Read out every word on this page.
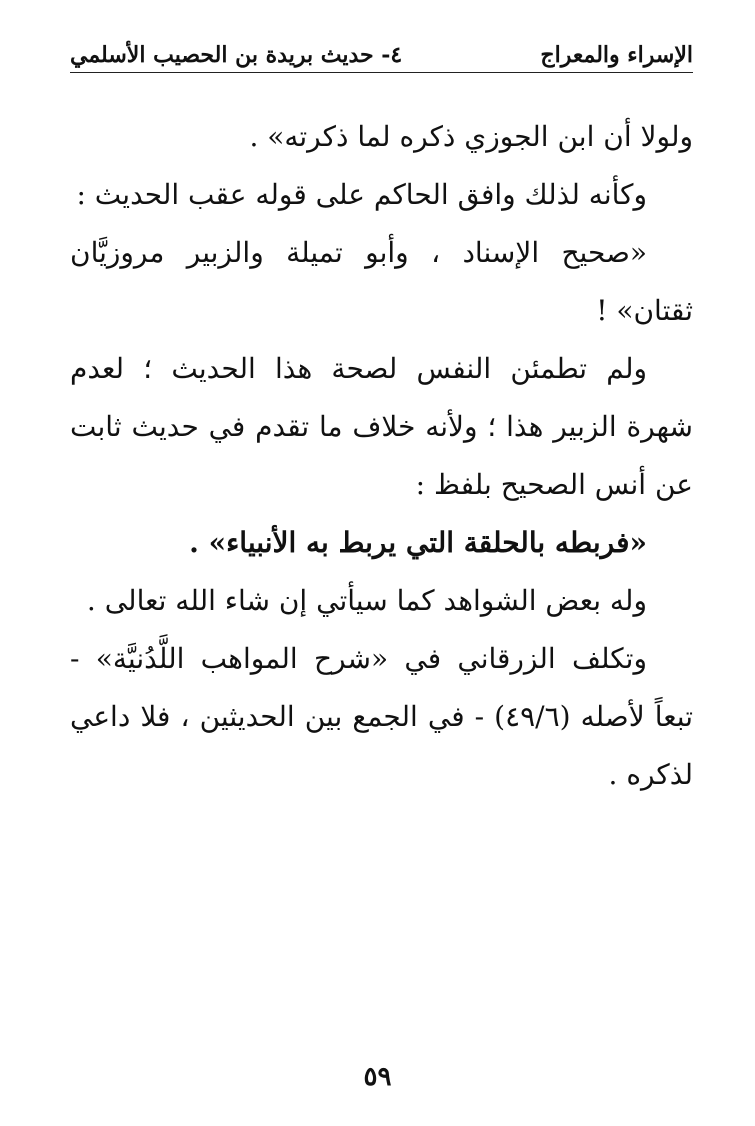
الإسراء والمعراج
٤- حديث بريدة بن الحصيب الأسلمي

ولولا أن ابن الجوزي ذكره لما ذكرته» .

وكأنه لذلك وافق الحاكم على قوله عقب الحديث :

«صحيح الإسناد ، وأبو تميلة والزبير مروزيَّان ثقتان» !

ولم تطمئن النفس لصحة هذا الحديث ؛ لعدم شهرة الزبير هذا ؛ ولأنه خلاف ما تقدم في حديث ثابت عن أنس الصحيح بلفظ :

«فربطه بالحلقة التي يربط به الأنبياء» .

وله بعض الشواهد كما سيأتي إن شاء الله تعالى .

وتكلف الزرقاني في «شرح المواهب اللَّدُنيَّة» - تبعاً لأصله (٤٩/٦) - في الجمع بين الحديثين ، فلا داعي لذكره .

٥٩
